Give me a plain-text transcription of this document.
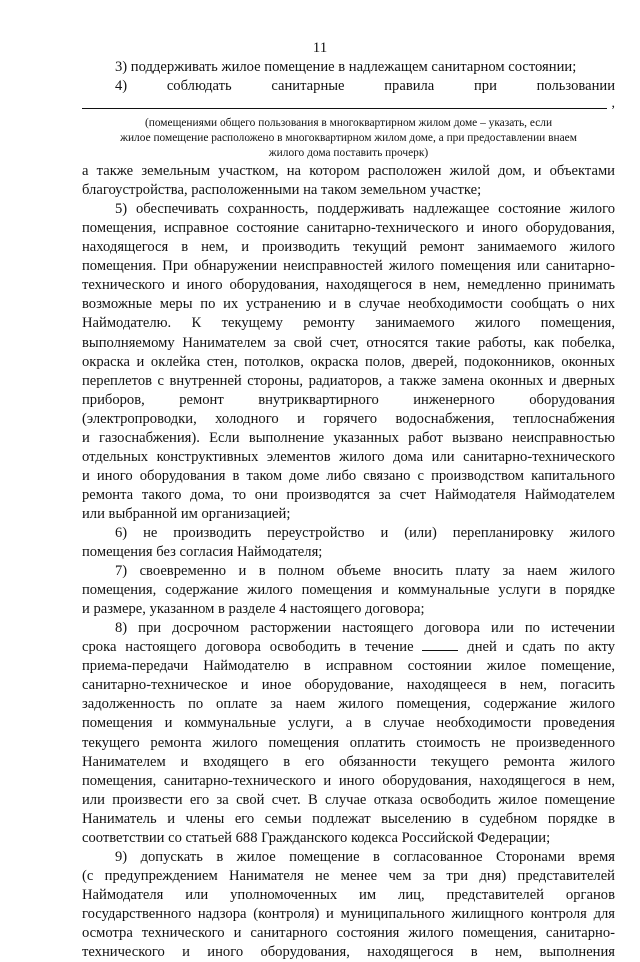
11
3) поддерживать жилое помещение в надлежащем санитарном состоянии;
4) соблюдать	санитарные	правила	при	пользовании
,
(помещениями общего пользования в многоквартирном жилом доме – указать, если
жилое помещение расположено в многоквартирном жилом доме, а при предоставлении внаем
жилого дома поставить прочерк)
а также земельным участком, на котором расположен жилой дом, и объектами
благоустройства, расположенными на таком земельном участке;
5) обеспечивать сохранность, поддерживать надлежащее состояние жилого
помещения, исправное состояние санитарно-технического и иного оборудования,
находящегося в нем, и производить текущий ремонт занимаемого жилого
помещения. При обнаружении неисправностей жилого помещения или санитарно-
технического и иного оборудования, находящегося в нем, немедленно принимать
возможные меры по их устранению и в случае необходимости сообщать о них
Наймодателю. К текущему ремонту занимаемого жилого помещения,
выполняемому Нанимателем за свой счет, относятся такие работы, как побелка,
окраска и оклейка стен, потолков, окраска полов, дверей, подоконников, оконных
переплетов с внутренней стороны, радиаторов, а также замена оконных и дверных
приборов, ремонт внутриквартирного инженерного оборудования
(электропроводки, холодного и горячего водоснабжения, теплоснабжения
и газоснабжения). Если выполнение указанных работ вызвано неисправностью
отдельных конструктивных элементов жилого дома или санитарно-технического
и иного оборудования в таком доме либо связано с производством капитального
ремонта такого дома, то они производятся за счет Наймодателя Наймодателем
или выбранной им организацией;
6) не производить переустройство и (или) перепланировку жилого
помещения без согласия Наймодателя;
7) своевременно и в полном объеме вносить плату за наем жилого
помещения, содержание жилого помещения и коммунальные услуги в порядке
и размере, указанном в разделе 4 настоящего договора;
8) при досрочном расторжении настоящего договора или по истечении
срока настоящего договора освободить в течение	дней и сдать по акту
приема-передачи Наймодателю в исправном состоянии жилое помещение,
санитарно-техническое и иное оборудование, находящееся в нем, погасить
задолженность по оплате за наем жилого помещения, содержание жилого
помещения и коммунальные услуги, а в случае необходимости проведения
текущего ремонта жилого помещения оплатить стоимость не произведенного
Нанимателем и входящего в его обязанности текущего ремонта жилого
помещения, санитарно-технического и иного оборудования, находящегося в нем,
или произвести его за свой счет. В случае отказа освободить жилое помещение
Наниматель и члены его семьи подлежат выселению в судебном порядке в
соответствии со статьей 688 Гражданского кодекса Российской Федерации;
9) допускать в жилое помещение в согласованное Сторонами время
(с предупреждением Нанимателя не менее чем за три дня) представителей
Наймодателя или уполномоченных им лиц, представителей органов
государственного надзора (контроля) и муниципального жилищного контроля для
осмотра технического и санитарного состояния жилого помещения, санитарно-
технического и иного оборудования, находящегося в нем, выполнения
